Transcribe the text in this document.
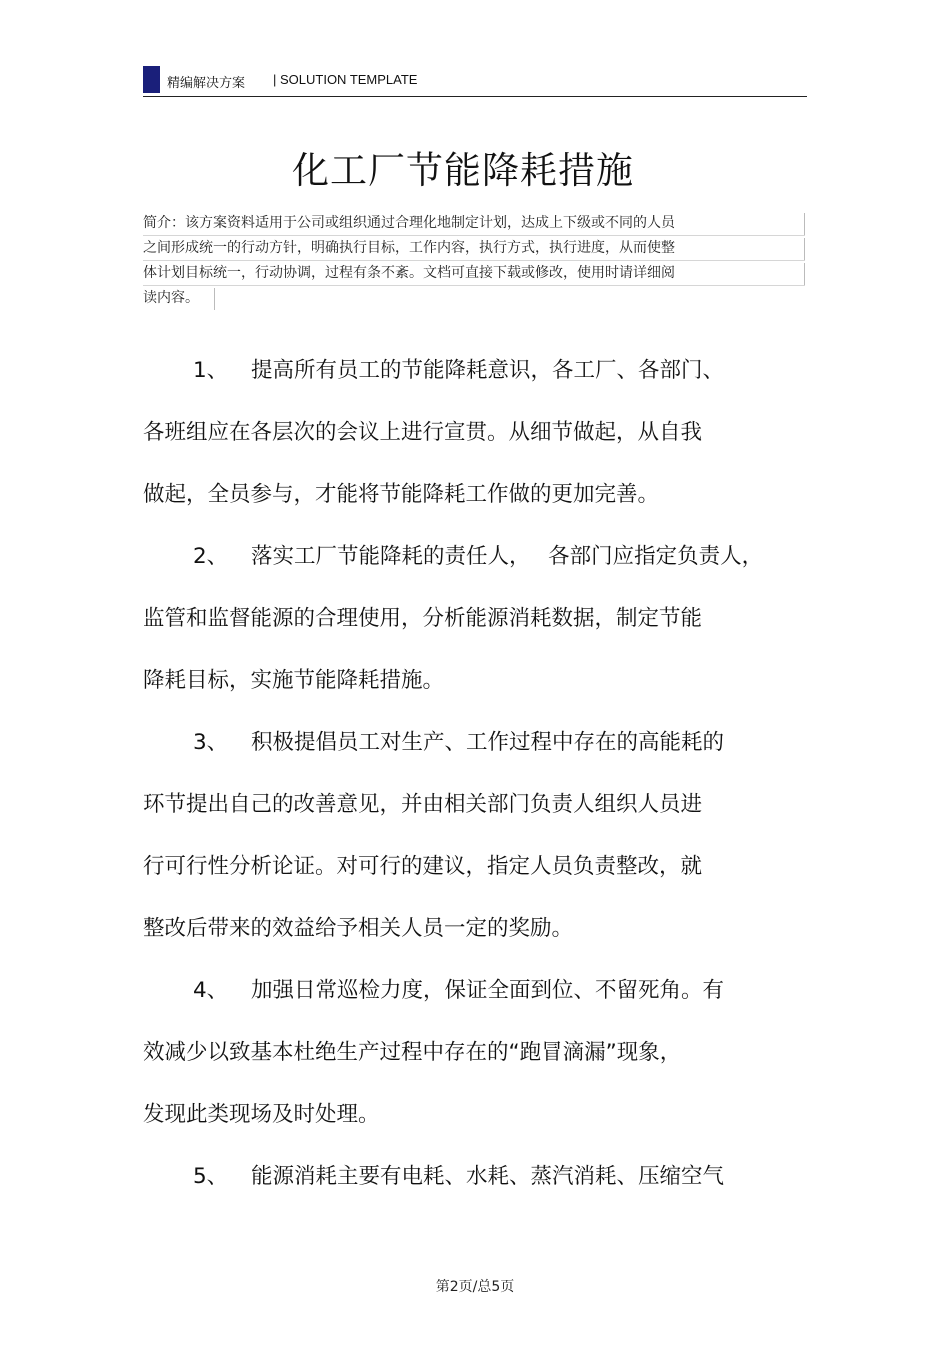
精编解决方案 | SOLUTION TEMPLATE
化工厂节能降耗措施
简介：该方案资料适用于公司或组织通过合理化地制定计划，达成上下级或不同的人员
之间形成统一的行动方针，明确执行目标，工作内容，执行方式，执行进度，从而使整
体计划目标统一，行动协调，过程有条不紊。文档可直接下载或修改，使用时请详细阅
读内容。
1、 提高所有员工的节能降耗意识，各工厂、各部门、
各班组应在各层次的会议上进行宣贯。从细节做起，从自我
做起，全员参与，才能将节能降耗工作做的更加完善。
2、 落实工厂节能降耗的责任人，　 各部门应指定负责人，
监管和监督能源的合理使用，分析能源消耗数据，制定节能
降耗目标，实施节能降耗措施。
3、 积极提倡员工对生产、工作过程中存在的高能耗的
环节提出自己的改善意见，并由相关部门负责人组织人员进
行可行性分析论证。对可行的建议，指定人员负责整改，就
整改后带来的效益给予相关人员一定的奖励。
4、 加强日常巡检力度，保证全面到位、不留死角。有
效减少以致基本杜绝生产过程中存在的“跑冒滴漏”现象，
发现此类现场及时处理。
5、 能源消耗主要有电耗、水耗、蒸汽消耗、压缩空气
第2页/总5页
